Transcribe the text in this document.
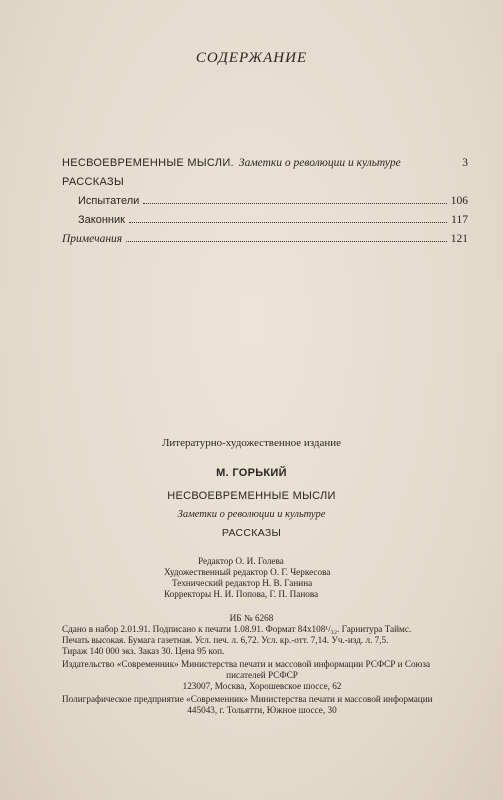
СОДЕРЖАНИЕ
НЕСВОЕВРЕМЕННЫЕ МЫСЛИ. Заметки о революции и культуре	3
РАССКАЗЫ
Испытатели	106
Законник	117
Примечания	121
Литературно-художественное издание
М. ГОРЬКИЙ
НЕСВОЕВРЕМЕННЫЕ МЫСЛИ
Заметки о революции и культуре
РАССКАЗЫ
Редактор О. И. Голева
Художественный редактор О. Г. Черкесова
Технический редактор Н. В. Ганина
Корректоры Н. И. Попова, Г. П. Панова
ИБ № 6268
Сдано в набор 2.01.91. Подписано к печати 1.08.91. Формат 84x108¹/₃₂. Гарнитура Таймс.
Печать высокая. Бумага газетная. Усл. печ. л. 6,72. Усл. кр.-отт. 7,14. Уч.-изд. л. 7,5.
Тираж 140 000 экз. Заказ 30. Цена 95 коп.
Издательство «Современник» Министерства печати и массовой информации РСФСР и Союза
писателей РСФСР
123007, Москва, Хорошевское шоссе, 62
Полиграфическое предприятие «Современник» Министерства печати и массовой информации
445043, г. Тольятти, Южное шоссе, 30
